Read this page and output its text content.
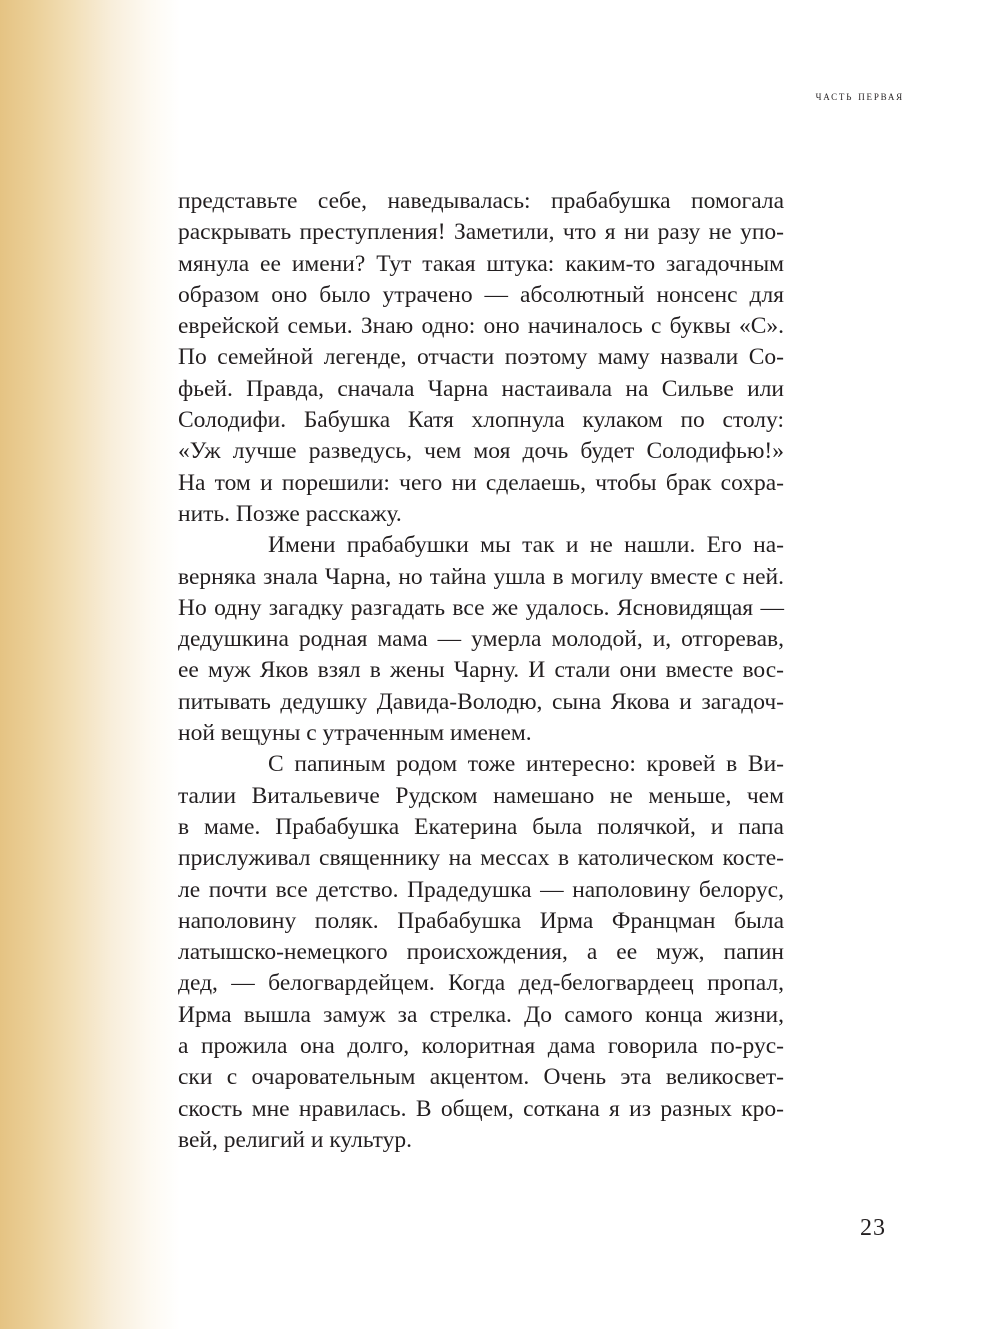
часть первая

представьте себе, наведывалась: прабабушка помогала
раскрывать преступления! Заметили, что я ни разу не упо-
мянула ее имени? Тут такая штука: каким-то загадочным
образом оно было утрачено — абсолютный нонсенс для
еврейской семьи. Знаю одно: оно начиналось с буквы «С».
По семейной легенде, отчасти поэтому маму назвали Со-
фьей. Правда, сначала Чарна настаивала на Сильве или
Солодифи. Бабушка Катя хлопнула кулаком по столу:
«Уж лучше разведусь, чем моя дочь будет Солодифью!»
На том и порешили: чего ни сделаешь, чтобы брак сохра-
нить. Позже расскажу.

Имени прабабушки мы так и не нашли. Его на-
верняка знала Чарна, но тайна ушла в могилу вместе с ней.
Но одну загадку разгадать все же удалось. Ясновидящая —
дедушкина родная мама — умерла молодой, и, отгоревав,
ее муж Яков взял в жены Чарну. И стали они вместе вос-
питывать дедушку Давида-Володю, сына Якова и загадоч-
ной вещуны с утраченным именем.

С папиным родом тоже интересно: кровей в Ви-
талии Витальевиче Рудском намешано не меньше, чем
в маме. Прабабушка Екатерина была полячкой, и папа
прислуживал священнику на мессах в католическом косте-
ле почти все детство. Прадедушка — наполовину белорус,
наполовину поляк. Прабабушка Ирма Францман была
латышско-немецкого происхождения, а ее муж, папин
дед, — белогвардейцем. Когда дед-белогвардеец пропал,
Ирма вышла замуж за стрелка. До самого конца жизни,
а прожила она долго, колоритная дама говорила по-рус-
ски с очаровательным акцентом. Очень эта великосвет-
скость мне нравилась. В общем, соткана я из разных кро-
вей, религий и культур.

23
